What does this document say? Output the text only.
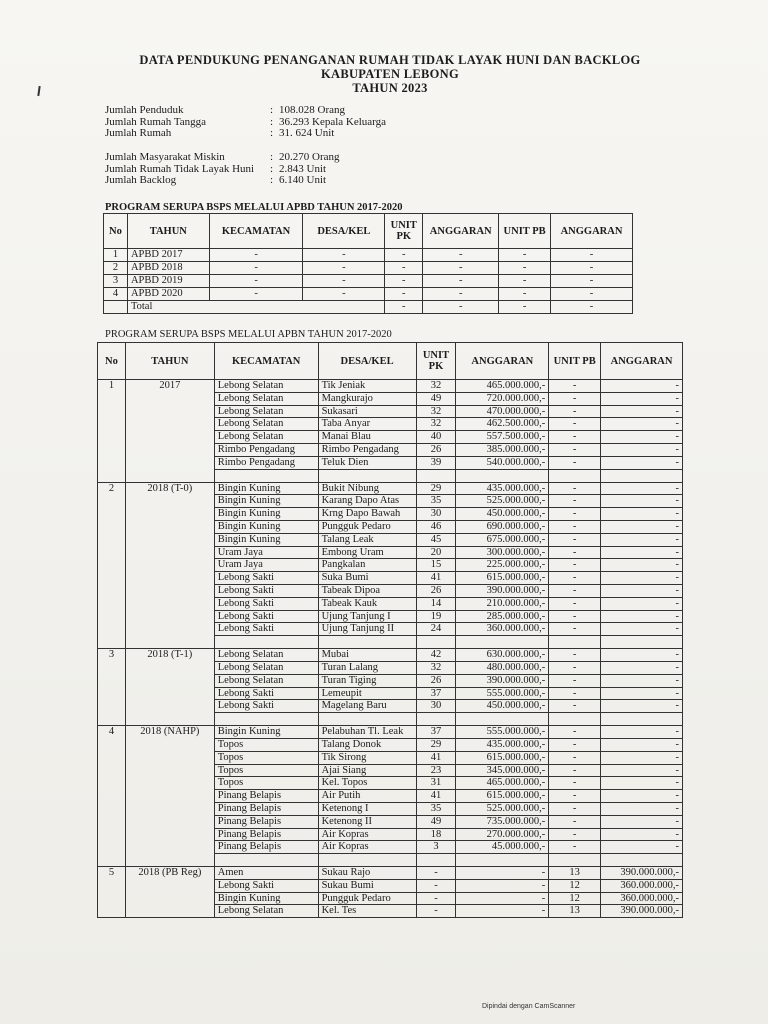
DATA PENDUKUNG PENANGANAN RUMAH TIDAK LAYAK HUNI DAN BACKLOG
KABUPATEN LEBONG
TAHUN 2023
Jumlah Penduduk	: 108.028 Orang
Jumlah Rumah Tangga	: 36.293 Kepala Keluarga
Jumlah Rumah	: 31. 624 Unit
Jumlah Masyarakat Miskin	: 20.270 Orang
Jumlah Rumah Tidak Layak Huni : 2.843 Unit
Jumlah Backlog	: 6.140 Unit
PROGRAM SERUPA BSPS MELALUI APBD TAHUN 2017-2020
No	TAHUN	KECAMATAN	DESA/KEL	UNIT PK	ANGGARAN	UNIT PB	ANGGARAN
1	APBD 2017	-	-	-	-	-	-
2	APBD 2018	-	-	-	-	-	-
3	APBD 2019	-	-	-	-	-	-
4	APBD 2020	-	-	-	-	-	-
	Total			-	-	-	-
PROGRAM SERUPA BSPS MELALUI APBN TAHUN 2017-2020
No	TAHUN	KECAMATAN	DESA/KEL	UNIT PK	ANGGARAN	UNIT PB	ANGGARAN
1	2017	Lebong Selatan	Tik Jeniak	32	465.000.000,-	-	-
		Lebong Selatan	Mangkurajo	49	720.000.000,-	-	-
		Lebong Selatan	Sukasari	32	470.000.000,-	-	-
		Lebong Selatan	Taba Anyar	32	462.500.000,-	-	-
		Lebong Selatan	Manai Blau	40	557.500.000,-	-	-
		Rimbo Pengadang	Rimbo Pengadang	26	385.000.000,-	-	-
		Rimbo Pengadang	Teluk Dien	39	540.000.000,-	-	-

2	2018 (T-0)	Bingin Kuning	Bukit Nibung	29	435.000.000,-	-	-
		Bingin Kuning	Karang Dapo Atas	35	525.000.000,-	-	-
		Bingin Kuning	Krng Dapo Bawah	30	450.000.000,-	-	-
		Bingin Kuning	Pungguk Pedaro	46	690.000.000,-	-	-
		Bingin Kuning	Talang Leak	45	675.000.000,-	-	-
		Uram Jaya	Embong Uram	20	300.000.000,-	-	-
		Uram Jaya	Pangkalan	15	225.000.000,-	-	-
		Lebong Sakti	Suka Bumi	41	615.000.000,-	-	-
		Lebong Sakti	Tabeak Dipoa	26	390.000.000,-	-	-
		Lebong Sakti	Tabeak Kauk	14	210.000.000,-	-	-
		Lebong Sakti	Ujung Tanjung I	19	285.000.000,-	-	-
		Lebong Sakti	Ujung Tanjung II	24	360.000.000,-	-	-

3	2018 (T-1)	Lebong Selatan	Mubai	42	630.000.000,-	-	-
		Lebong Selatan	Turan Lalang	32	480.000.000,-	-	-
		Lebong Selatan	Turan Tiging	26	390.000.000,-	-	-
		Lebong Sakti	Lemeupit	37	555.000.000,-	-	-
		Lebong Sakti	Magelang Baru	30	450.000.000,-	-	-

4	2018 (NAHP)	Bingin Kuning	Pelabuhan Tl. Leak	37	555.000.000,-	-	-
		Topos	Talang Donok	29	435.000.000,-	-	-
		Topos	Tik Sirong	41	615.000.000,-	-	-
		Topos	Ajai Siang	23	345.000.000,-	-	-
		Topos	Kel. Topos	31	465.000.000,-	-	-
		Pinang Belapis	Air Putih	41	615.000.000,-	-	-
		Pinang Belapis	Ketenong I	35	525.000.000,-	-	-
		Pinang Belapis	Ketenong II	49	735.000.000,-	-	-
		Pinang Belapis	Air Kopras	18	270.000.000,-	-	-
		Pinang Belapis	Air Kopras	3	45.000.000,-	-	-

5	2018 (PB Reg)	Amen	Sukau Rajo	-	-	13	390.000.000,-
		Lebong Sakti	Sukau Bumi	-	-	12	360.000.000,-
		Bingin Kuning	Pungguk Pedaro	-	-	12	360.000.000,-
		Lebong Selatan	Kel. Tes	-	-	13	390.000.000,-
Dipindai dengan CamScanner
